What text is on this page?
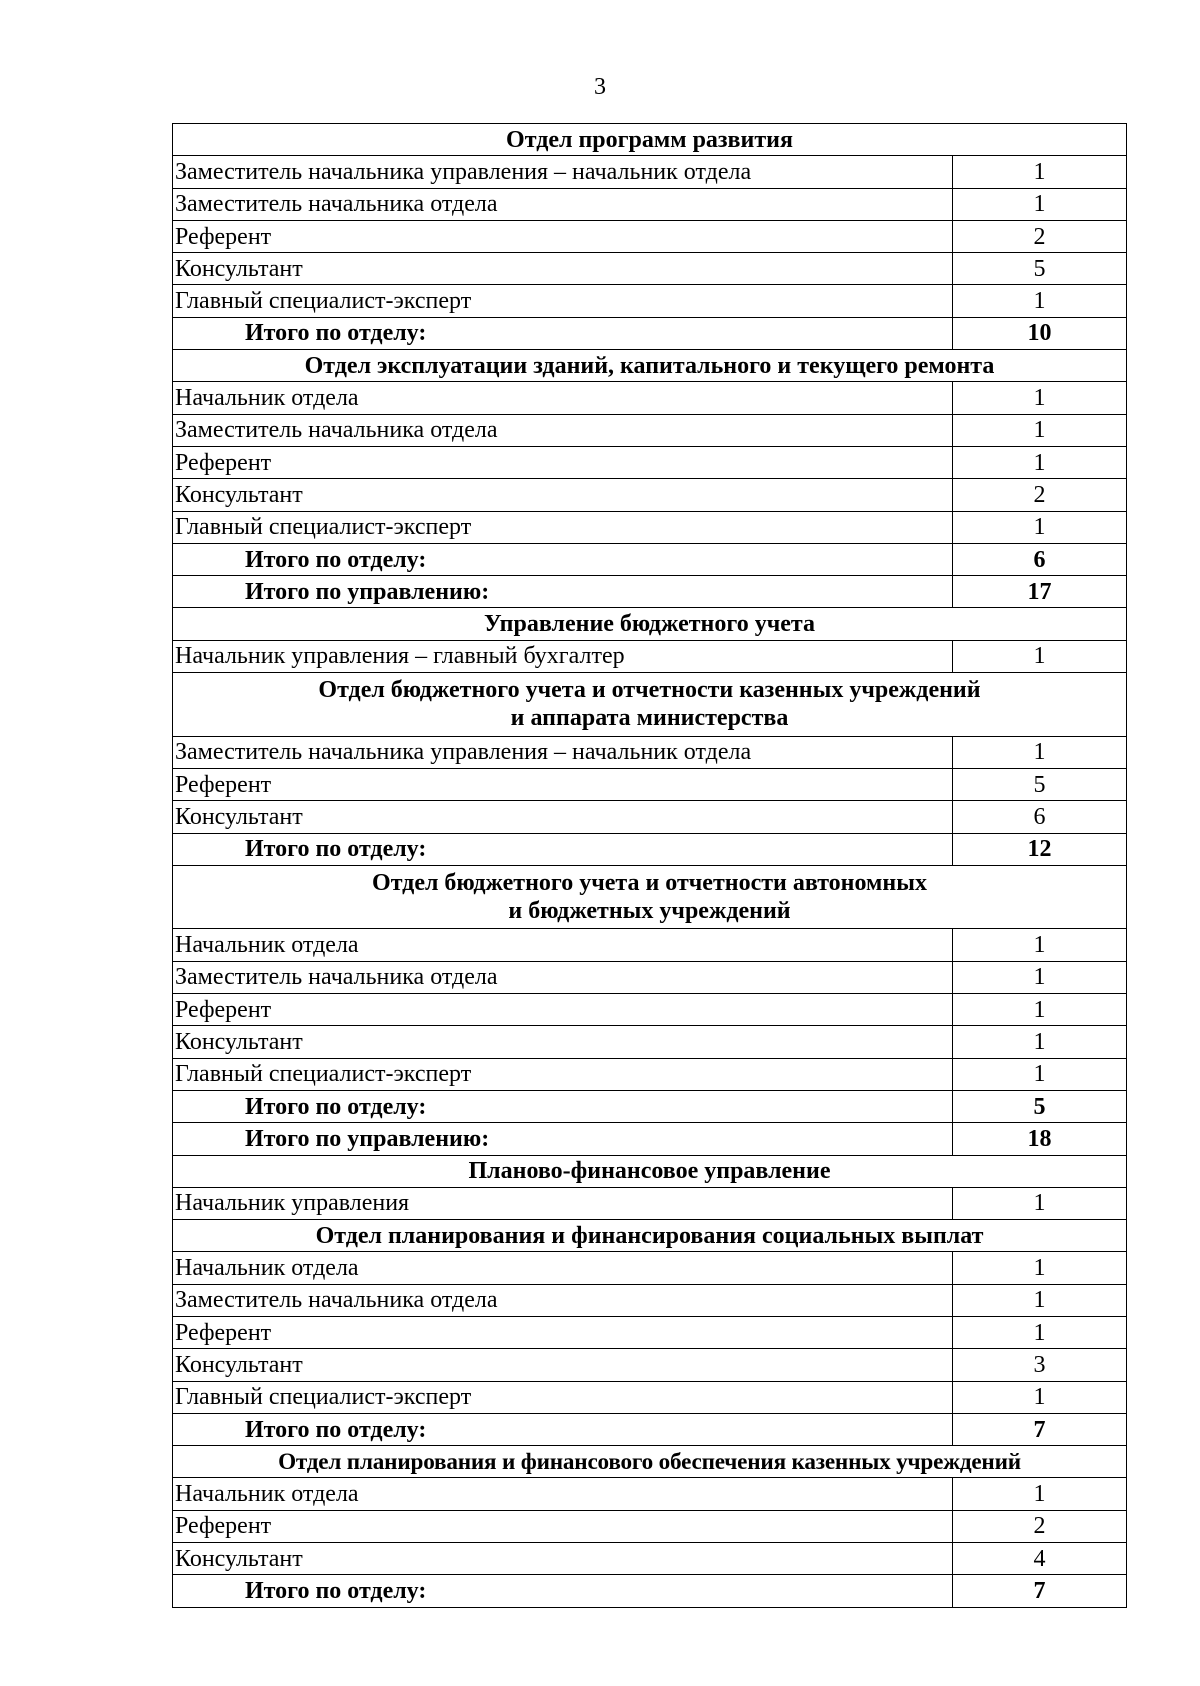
3
Отдел программ развития	
Заместитель начальника управления – начальник отдела	1
Заместитель начальника отдела	1
Референт	2
Консультант	5
Главный специалист-эксперт	1
Итого по отделу:	10
Отдел эксплуатации зданий, капитального и текущего ремонта	
Начальник отдела	1
Заместитель начальника отдела	1
Референт	1
Консультант	2
Главный специалист-эксперт	1
Итого по отделу:	6
Итого по управлению:	17
Управление бюджетного учета	
Начальник управления – главный бухгалтер	1
Отдел бюджетного учета и отчетности казенных учреждений
и аппарата министерства	
Заместитель начальника управления – начальник отдела	1
Референт	5
Консультант	6
Итого по отделу:	12
Отдел бюджетного учета и отчетности автономных
и бюджетных учреждений	
Начальник отдела	1
Заместитель начальника отдела	1
Референт	1
Консультант	1
Главный специалист-эксперт	1
Итого по отделу:	5
Итого по управлению:	18
Планово-финансовое управление	
Начальник управления	1
Отдел планирования и финансирования социальных выплат	
Начальник отдела	1
Заместитель начальника отдела	1
Референт	1
Консультант	3
Главный специалист-эксперт	1
Итого по отделу:	7
Отдел планирования и финансового обеспечения казенных учреждений	
Начальник отдела	1
Референт	2
Консультант	4
Итого по отделу:	7
